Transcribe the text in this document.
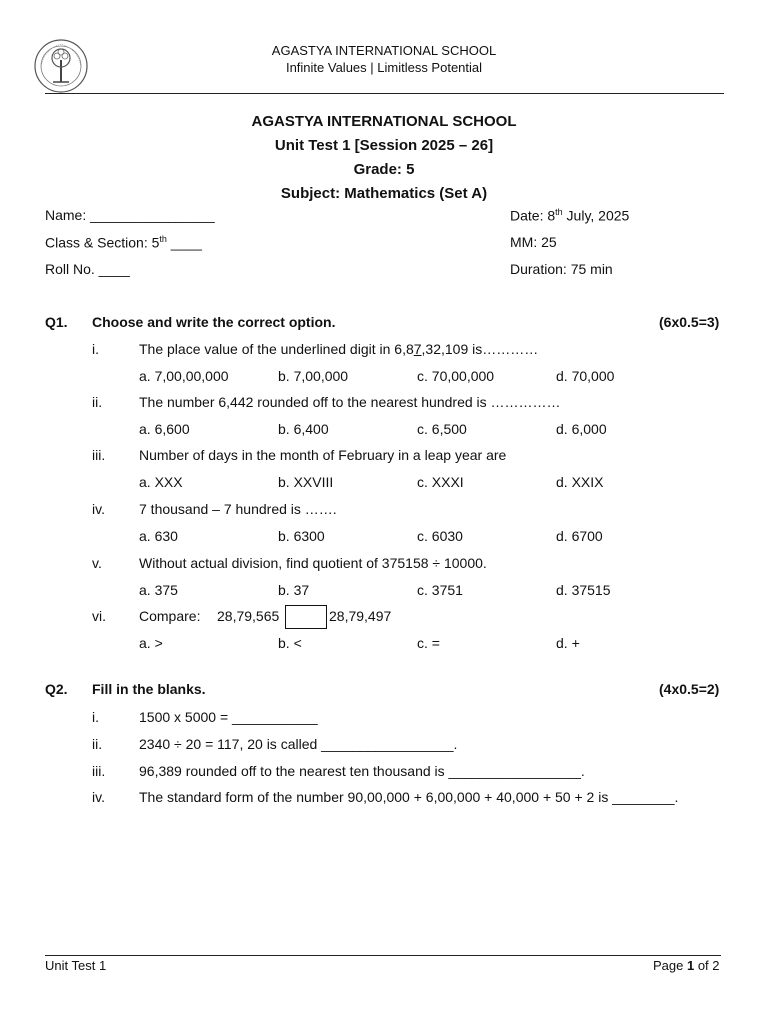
AGASTYA INTERNATIONAL SCHOOL
Infinite Values | Limitless Potential
AGASTYA INTERNATIONAL SCHOOL
Unit Test 1 [Session 2025 – 26]
Grade: 5
Subject: Mathematics (Set A)
Name: ________________
Class & Section: 5th ____
Roll No. ____
Date: 8th July, 2025
MM: 25
Duration: 75 min
Q1. Choose and write the correct option.	(6x0.5=3)
i.	The place value of the underlined digit in 6,87,32,109 is…………
a. 7,00,00,000	b. 7,00,000	c. 70,00,000	d. 70,000
ii.	The number 6,442 rounded off to the nearest hundred is ……………
a. 6,600	b. 6,400	c. 6,500	d. 6,000
iii. Number of days in the month of February in a leap year are
a. XXX	b. XXVIII	c. XXXI	d. XXIX
iv. 7 thousand – 7 hundred is …….
a. 630	b. 6300	c. 6030	d. 6700
v.	Without actual division, find quotient of 375158 ÷ 10000.
a. 375	b. 37	c. 3751	d. 37515
vi. Compare: 28,79,565	28,79,497
a. >	b. <	c. =	d. +
Q2. Fill in the blanks.	(4x0.5=2)
i.	1500 x 5000 = ___________
ii.	2340 ÷ 20 = 117, 20 is called _________________.
iii. 96,389 rounded off to the nearest ten thousand is _________________.
iv. The standard form of the number 90,00,000 + 6,00,000 + 40,000 + 50 + 2 is ________.
Unit Test 1	Page 1 of 2
